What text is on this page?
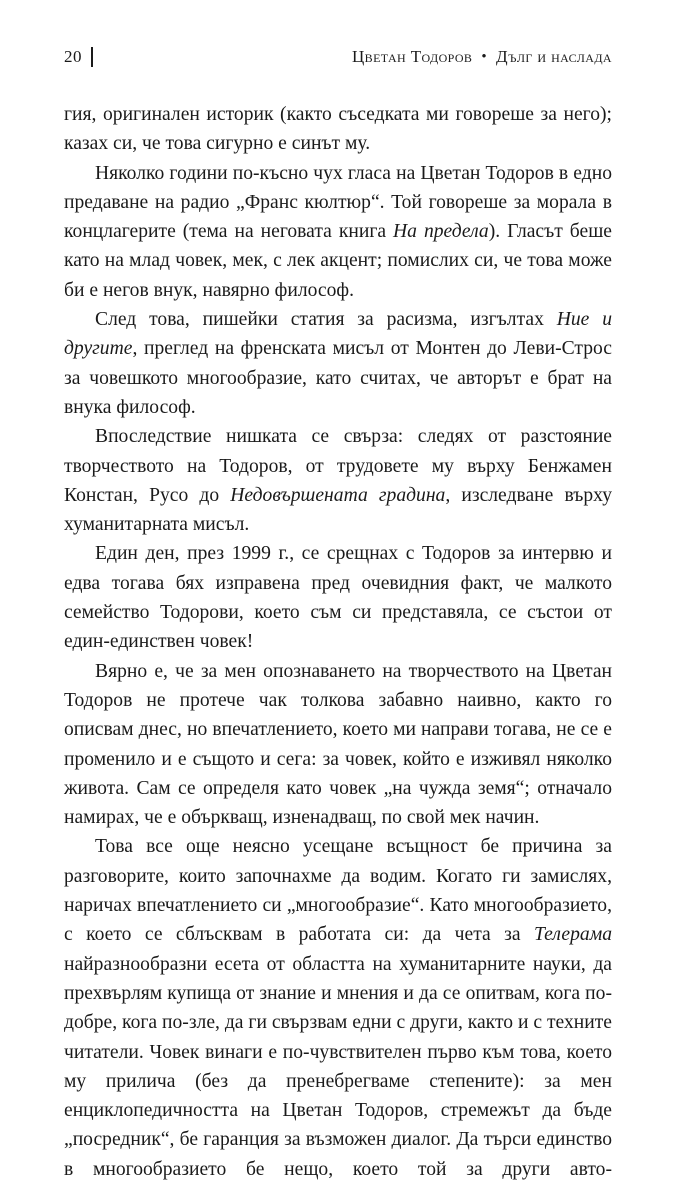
20	Цветан Тодоров • Дълг и наслада

гия, оригинален историк (както съседката ми говореше за него); казах си, че това сигурно е синът му.

Няколко години по-късно чух гласа на Цветан Тодоров в едно предаване на радио „Франс кюлтюр“. Той говореше за морала в концлагерите (тема на неговата книга На предела). Гласът беше като на млад човек, мек, с лек акцент; помислих си, че това може би е негов внук, навярно философ.

След това, пишейки статия за расизма, изгълтах Ние и другите, преглед на френската мисъл от Монтен до Леви-Строс за човешкото многообразие, като считах, че авторът е брат на внука философ.

Впоследствие нишката се свърза: следях от разстояние творчеството на Тодоров, от трудовете му върху Бенжамен Констан, Русо до Недовършената градина, изследване върху хуманитарната мисъл.

Един ден, през 1999 г., се срещнах с Тодоров за интервю и едва тогава бях изправена пред очевидния факт, че малкото семейство Тодорови, което съм си представяла, се състои от един-единствен човек!

Вярно е, че за мен опознаването на творчеството на Цветан Тодоров не протече чак толкова забавно наивно, както го описвам днес, но впечатлението, което ми направи тогава, не се е променило и е същото и сега: за човек, който е изживял няколко живота. Сам се определя като човек „на чужда земя“; отначало намирах, че е объркващ, изненадващ, по свой мек начин.

Това все още неясно усещане всъщност бе причина за разговорите, които започнахме да водим. Когато ги замислях, наричах впечатлението си „многообразие“. Като многообразието, с което се сблъсквам в работата си: да чета за Телерама найразнообразни есета от областта на хуманитарните науки, да прехвърлям купища от знание и мнения и да се опитвам, кога по-добре, кога по-зле, да ги свързвам едни с други, както и с техните читатели. Човек винаги е по-чувствителен първо към това, което му прилича (без да пренебрегваме степените): за мен енциклопедичността на Цветан Тодоров, стремежът да бъде „посредник“, бе гаранция за възможен диалог. Да търси единство в многообразието бе нещо, което той за други авто-
